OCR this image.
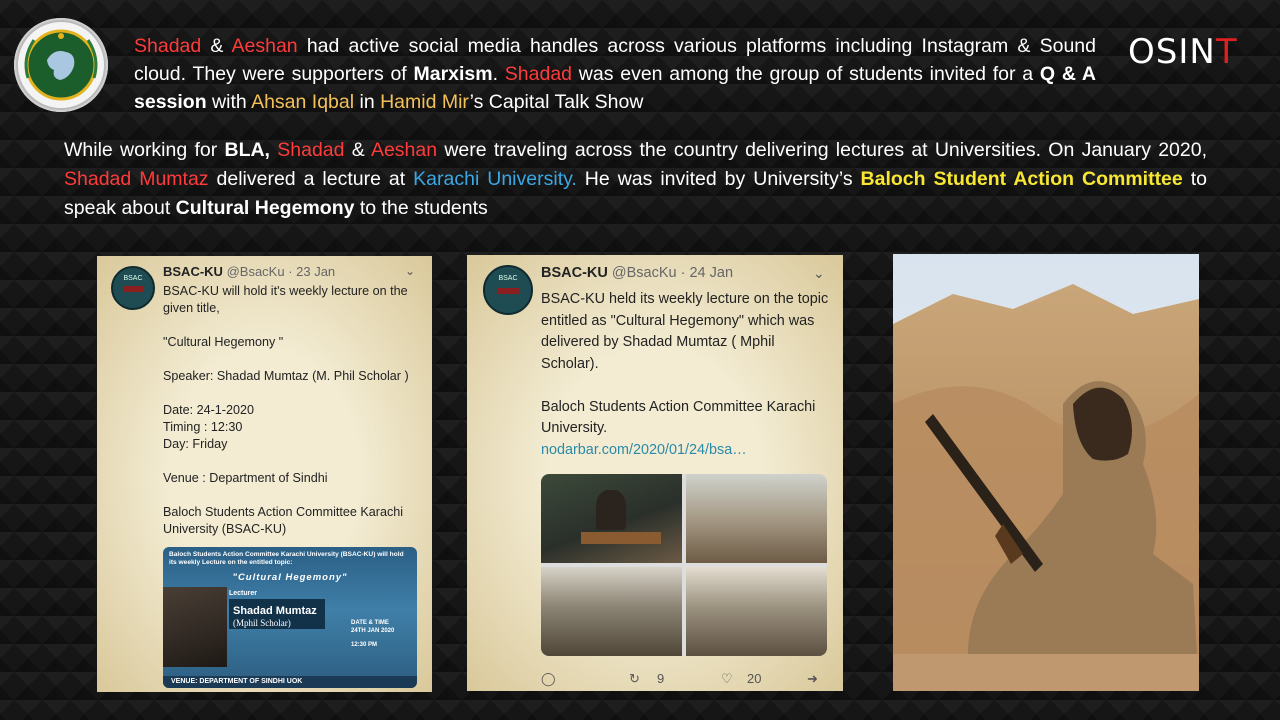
OSINT
Shadad & Aeshan had active social media handles across various platforms including Instagram & Sound cloud. They were supporters of Marxism. Shadad was even among the group of students invited for a Q & A session with Ahsan Iqbal in Hamid Mir’s Capital Talk Show
While working for BLA, Shadad & Aeshan were traveling across the country delivering lectures at Universities. On January 2020, Shadad Mumtaz delivered a lecture at Karachi University. He was invited by University’s Baloch Student Action Committee to speak about Cultural Hegemony to the students
BSAC	BSAC-KU @BsacKu · 23 Jan	⌄
BSAC-KU will hold it's weekly lecture on the given title,

"Cultural Hegemony "

Speaker: Shadad Mumtaz (M. Phil Scholar )

Date: 24-1-2020
Timing : 12:30
Day: Friday

Venue : Department of Sindhi

Baloch Students Action Committee Karachi University (BSAC-KU)
Baloch Students Action Committee Karachi University (BSAC-KU) will hold its weekly Lecture on the entitled topic:
"Cultural Hegemony"
Lecturer
Shadad Mumtaz
(Mphil Scholar)	DATE & TIME
24TH JAN 2020
12:30 PM
VENUE: DEPARTMENT OF SINDHI UOK
BSAC	BSAC-KU @BsacKu · 24 Jan	⌄
BSAC-KU held its weekly lecture on the topic entitled as "Cultural Hegemony" which was delivered by Shadad Mumtaz ( Mphil Scholar).

Baloch Students Action Committee Karachi University.
nodarbar.com/2020/01/24/bsa…
◯	↻ 9	♡ 20	➜
